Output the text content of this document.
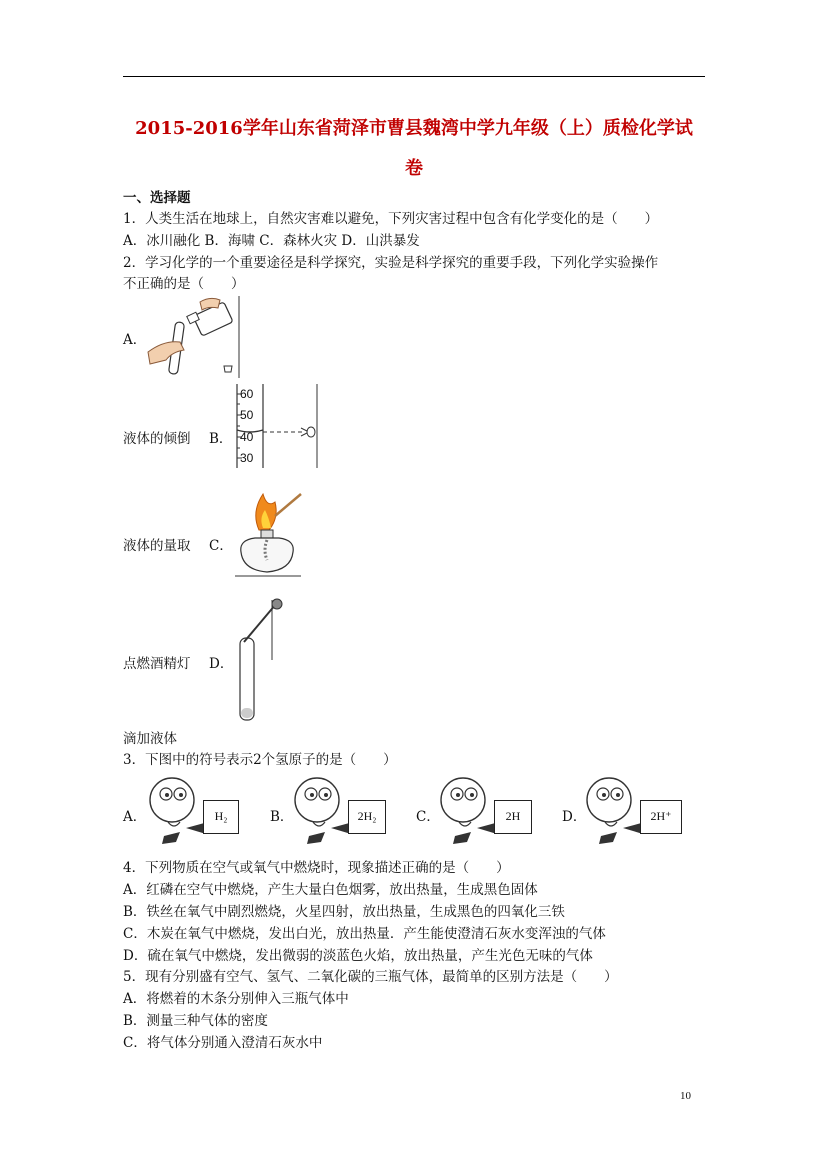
2015-2016学年山东省菏泽市曹县魏湾中学九年级（上）质检化学试
卷
一、选择题
1．人类生活在地球上，自然灾害难以避免，下列灾害过程中包含有化学变化的是（　　）
A．冰川融化 B．海啸 C．森林火灾 D．山洪暴发
2．学习化学的一个重要途径是科学探究，实验是科学探究的重要手段，下列化学实验操作
不正确的是（　　）
A．
液体的倾倒 B．
60
50
40
30
液体的量取 C．
点燃酒精灯 D．
滴加液体
3．下图中的符号表示2个氢原子的是（　　）
A．	H₂	B．	2H₂	C．	2H	D．	2H⁺
4．下列物质在空气或氧气中燃烧时，现象描述正确的是（　　）
A．红磷在空气中燃烧，产生大量白色烟雾，放出热量，生成黑色固体
B．铁丝在氧气中剧烈燃烧，火星四射，放出热量，生成黑色的四氧化三铁
C．木炭在氧气中燃烧，发出白光，放出热量．产生能使澄清石灰水变浑浊的气体
D．硫在氧气中燃烧，发出微弱的淡蓝色火焰，放出热量，产生光色无味的气体
5．现有分别盛有空气、氢气、二氧化碳的三瓶气体，最简单的区别方法是（　　）
A．将燃着的木条分别伸入三瓶气体中
B．测量三种气体的密度
C．将气体分别通入澄清石灰水中
10
